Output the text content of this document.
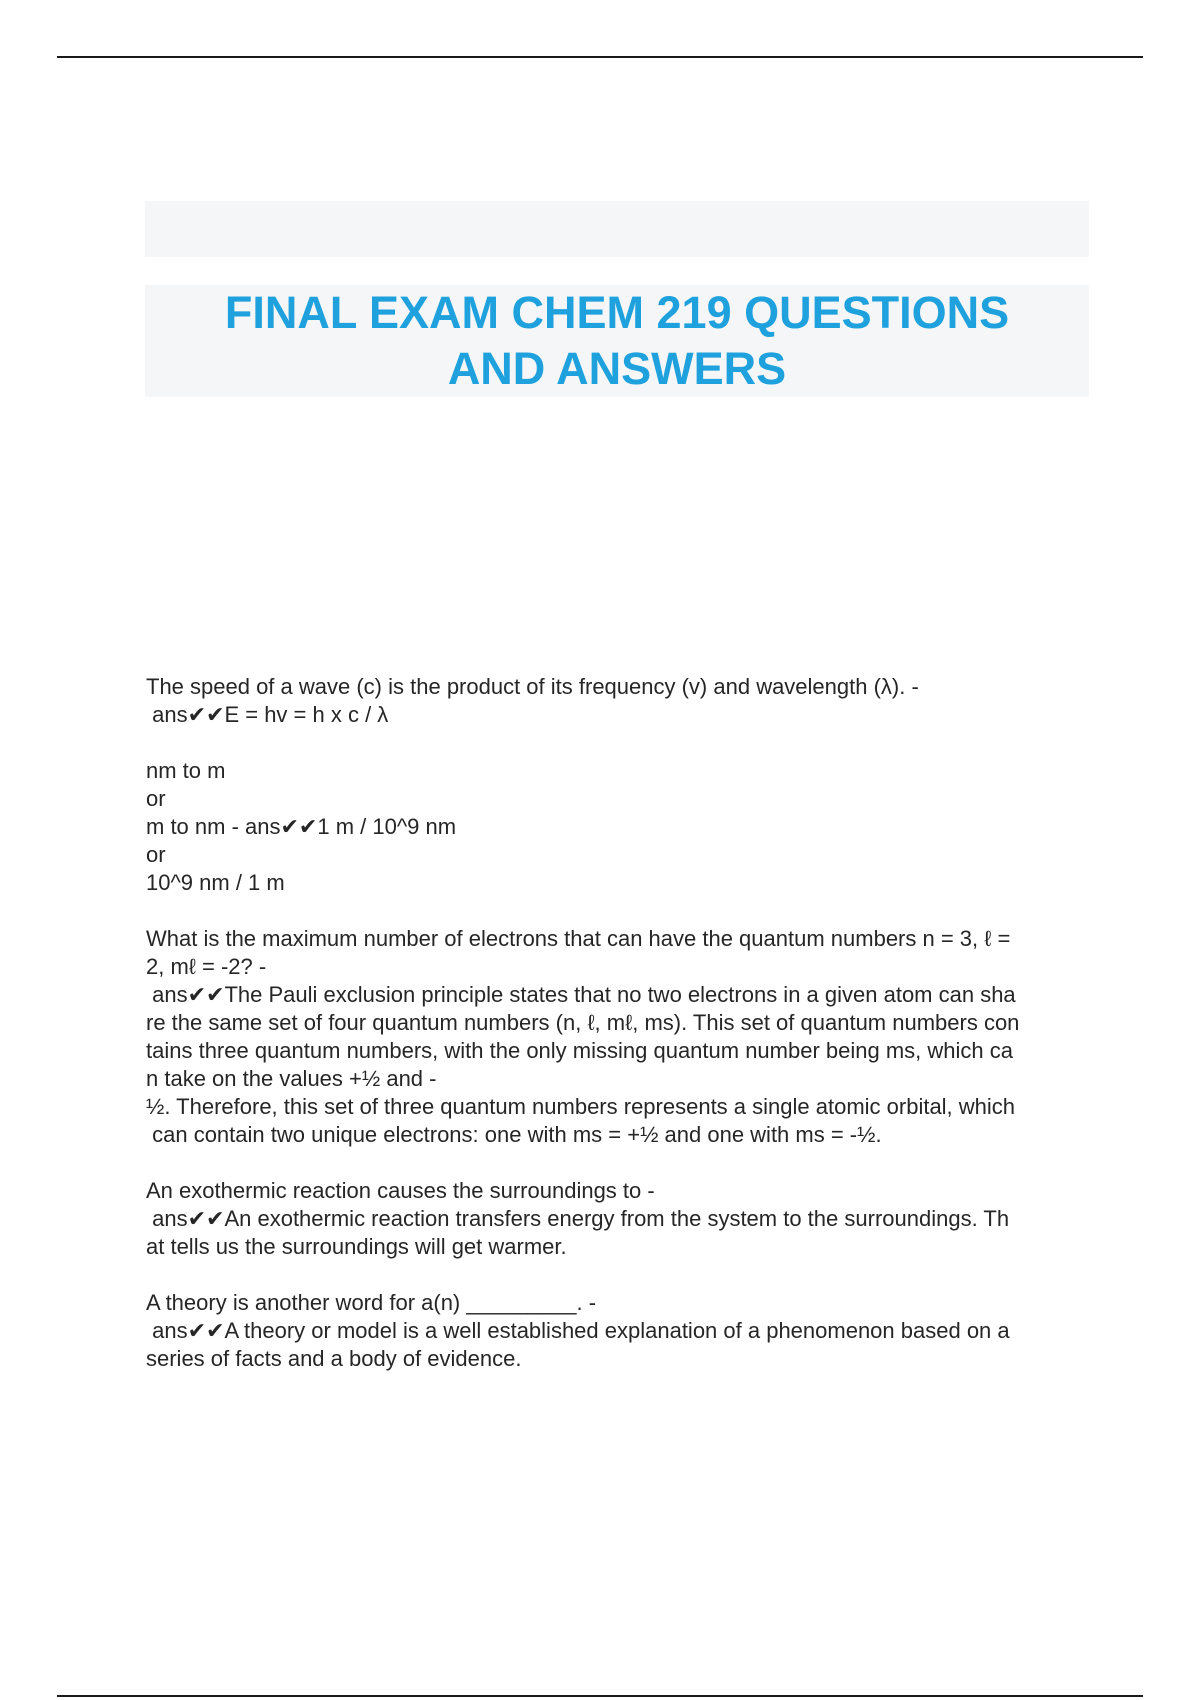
FINAL EXAM CHEM 219 QUESTIONS
AND ANSWERS
The speed of a wave (c) is the product of its frequency (v) and wavelength (λ). -
ans✔✔E = hv = h x c / λ
nm to m
or
m to nm - ans✔✔1 m / 10^9 nm
or
10^9 nm / 1 m
What is the maximum number of electrons that can have the quantum numbers n = 3, ℓ =
2, mℓ = -2? -
ans✔✔The Pauli exclusion principle states that no two electrons in a given atom can sha
re the same set of four quantum numbers (n, ℓ, mℓ, ms). This set of quantum numbers con
tains three quantum numbers, with the only missing quantum number being ms, which ca
n take on the values +½ and -
½. Therefore, this set of three quantum numbers represents a single atomic orbital, which
can contain two unique electrons: one with ms = +½ and one with ms = -½.
An exothermic reaction causes the surroundings to -
ans✔✔An exothermic reaction transfers energy from the system to the surroundings. Th
at tells us the surroundings will get warmer.
A theory is another word for a(n) _________. -
ans✔✔A theory or model is a well established explanation of a phenomenon based on a
series of facts and a body of evidence.
